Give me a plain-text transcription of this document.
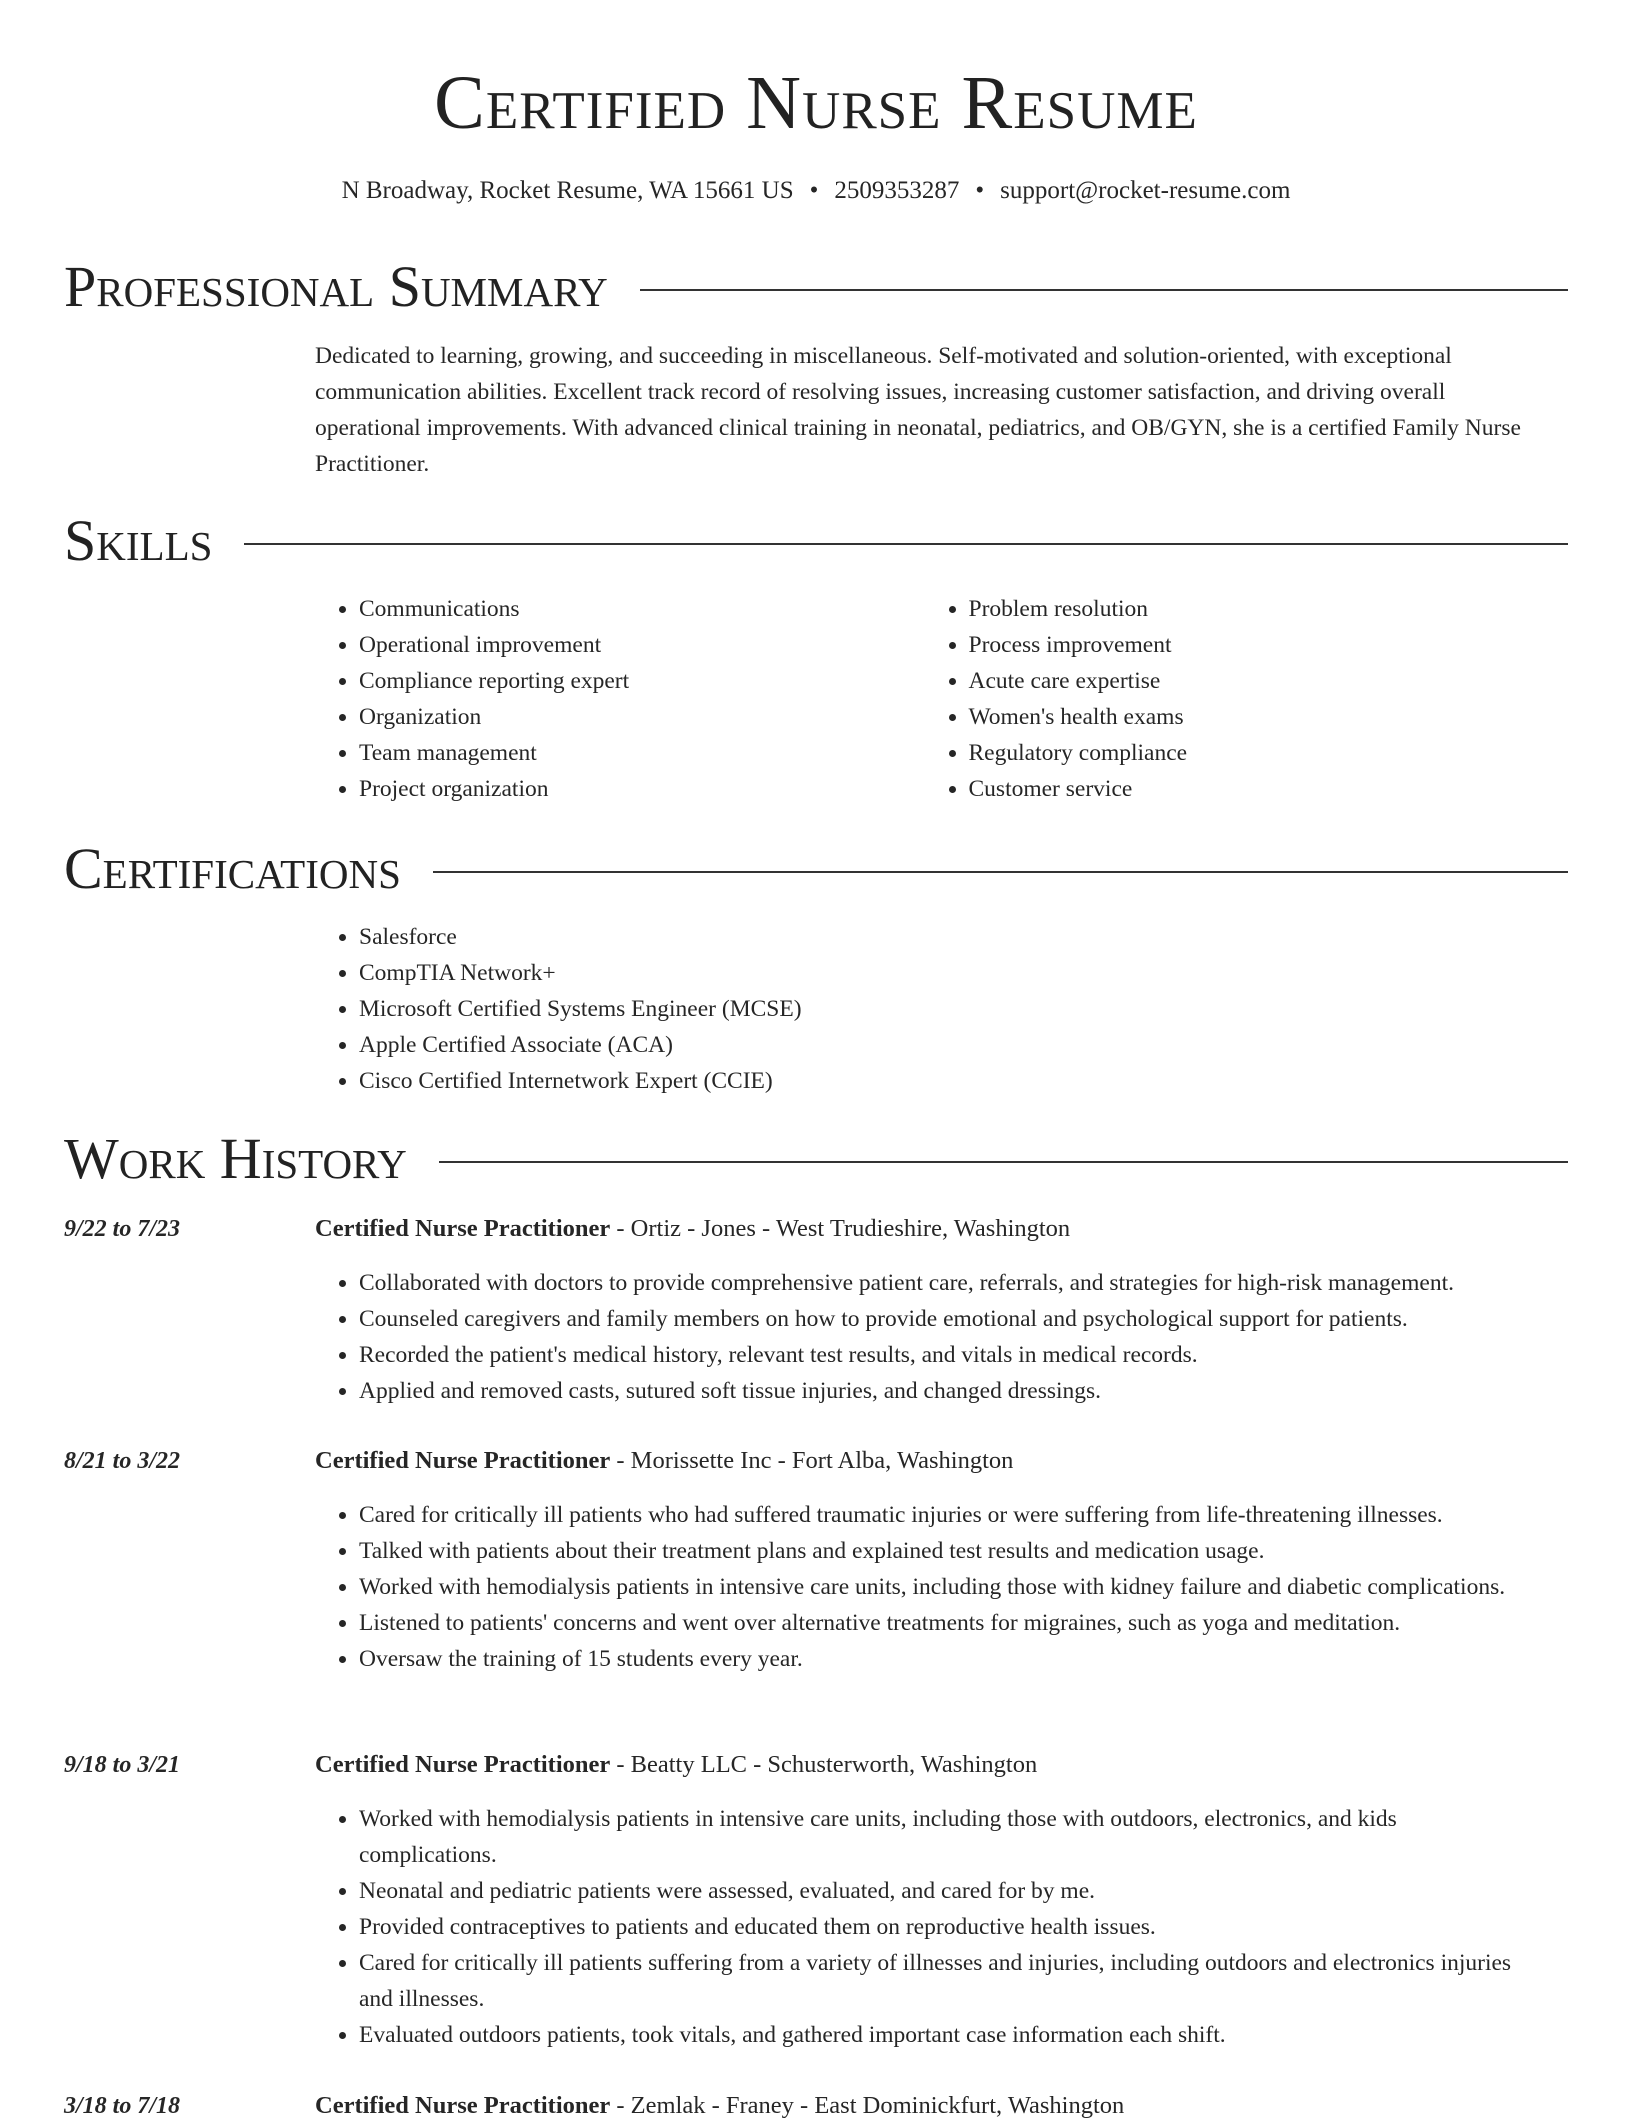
Certified Nurse Resume
N Broadway, Rocket Resume, WA 15661 US • 2509353287 • support@rocket-resume.com
Professional Summary
Dedicated to learning, growing, and succeeding in miscellaneous. Self-motivated and solution-oriented, with exceptional communication abilities. Excellent track record of resolving issues, increasing customer satisfaction, and driving overall operational improvements. With advanced clinical training in neonatal, pediatrics, and OB/GYN, she is a certified Family Nurse Practitioner.
Skills
• Communications
• Operational improvement
• Compliance reporting expert
• Organization
• Team management
• Project organization
• Problem resolution
• Process improvement
• Acute care expertise
• Women's health exams
• Regulatory compliance
• Customer service
Certifications
• Salesforce
• CompTIA Network+
• Microsoft Certified Systems Engineer (MCSE)
• Apple Certified Associate (ACA)
• Cisco Certified Internetwork Expert (CCIE)
Work History
9/22 to 7/23	Certified Nurse Practitioner - Ortiz - Jones - West Trudieshire, Washington
• Collaborated with doctors to provide comprehensive patient care, referrals, and strategies for high-risk management.
• Counseled caregivers and family members on how to provide emotional and psychological support for patients.
• Recorded the patient's medical history, relevant test results, and vitals in medical records.
• Applied and removed casts, sutured soft tissue injuries, and changed dressings.
8/21 to 3/22	Certified Nurse Practitioner - Morissette Inc - Fort Alba, Washington
• Cared for critically ill patients who had suffered traumatic injuries or were suffering from life-threatening illnesses.
• Talked with patients about their treatment plans and explained test results and medication usage.
• Worked with hemodialysis patients in intensive care units, including those with kidney failure and diabetic complications.
• Listened to patients' concerns and went over alternative treatments for migraines, such as yoga and meditation.
• Oversaw the training of 15 students every year.
9/18 to 3/21	Certified Nurse Practitioner - Beatty LLC - Schusterworth, Washington
• Worked with hemodialysis patients in intensive care units, including those with outdoors, electronics, and kids complications.
• Neonatal and pediatric patients were assessed, evaluated, and cared for by me.
• Provided contraceptives to patients and educated them on reproductive health issues.
• Cared for critically ill patients suffering from a variety of illnesses and injuries, including outdoors and electronics injuries and illnesses.
• Evaluated outdoors patients, took vitals, and gathered important case information each shift.
3/18 to 7/18	Certified Nurse Practitioner - Zemlak - Franey - East Dominickfurt, Washington
